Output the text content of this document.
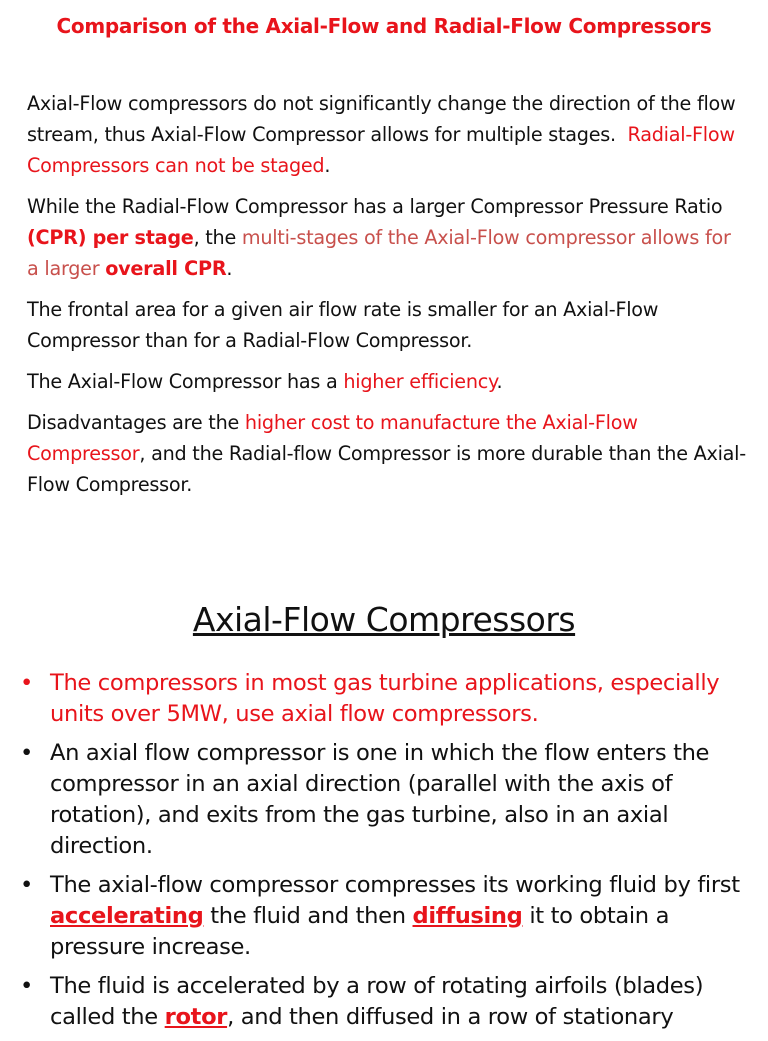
Comparison of the Axial-Flow and Radial-Flow Compressors

Axial-Flow compressors do not significantly change the direction of the flow stream, thus Axial-Flow Compressor allows for multiple stages. Radial-Flow Compressors can not be staged.

While the Radial-Flow Compressor has a larger Compressor Pressure Ratio (CPR) per stage, the multi-stages of the Axial-Flow compressor allows for a larger overall CPR.

The frontal area for a given air flow rate is smaller for an Axial-Flow Compressor than for a Radial-Flow Compressor.

The Axial-Flow Compressor has a higher efficiency.

Disadvantages are the higher cost to manufacture the Axial-Flow Compressor, and the Radial-flow Compressor is more durable than the Axial-Flow Compressor.

Axial-Flow Compressors
• The compressors in most gas turbine applications, especially units over 5MW, use axial flow compressors.
• An axial flow compressor is one in which the flow enters the compressor in an axial direction (parallel with the axis of rotation), and exits from the gas turbine, also in an axial direction.
• The axial-flow compressor compresses its working fluid by first accelerating the fluid and then diffusing it to obtain a pressure increase.
• The fluid is accelerated by a row of rotating airfoils (blades) called the rotor, and then diffused in a row of stationary
